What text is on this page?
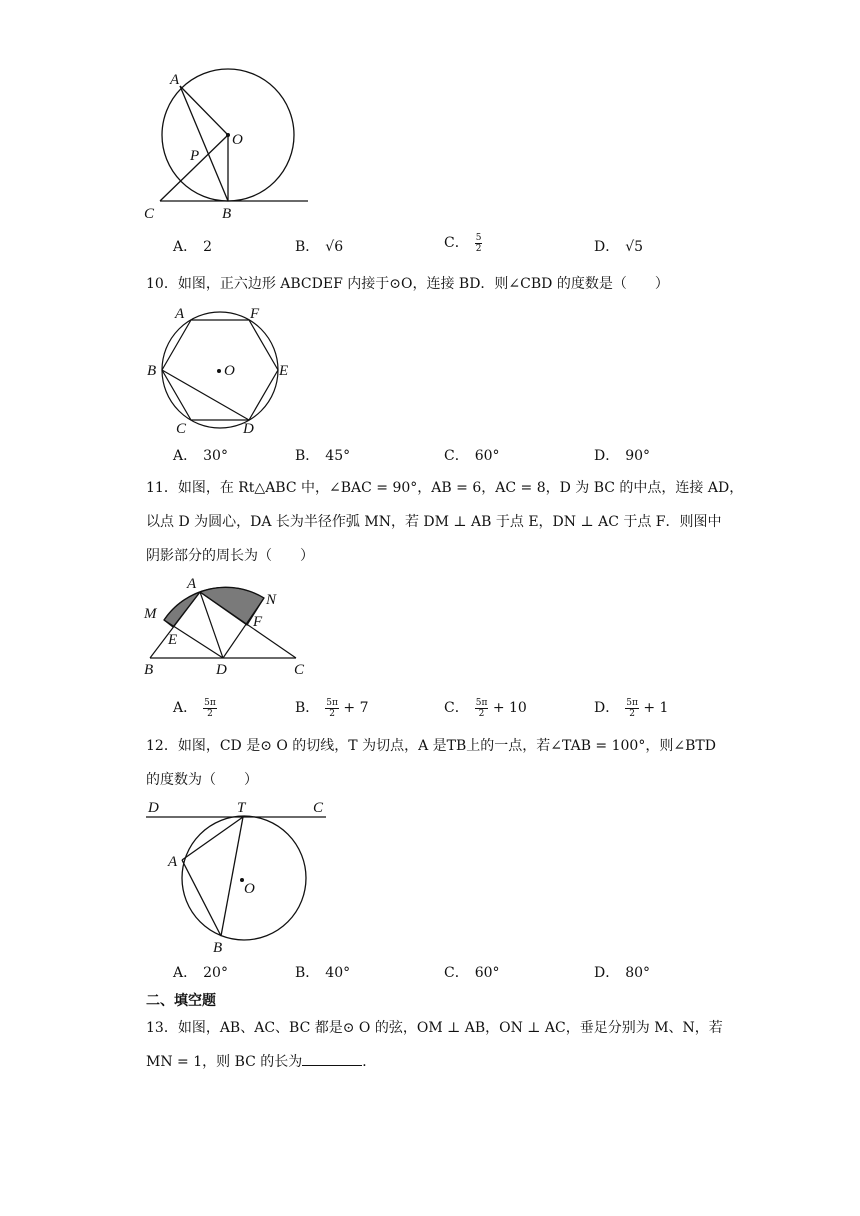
A
O
P
C	B
A． 2	B． √6	C． $\frac{5}{2}$	D． √5
10．如图，正六边形 ABCDEF 内接于⊙O，连接 BD．则∠CBD 的度数是（　　）
A	F
B	O	E
C	D
A． 30°	B． 45°	C． 60°	D． 90°
11．如图，在 Rt△ABC 中，∠BAC = 90°，AB = 6，AC = 8，D 为 BC 的中点，连接 AD，
以点 D 为圆心，DA 长为半径作弧 MN，若 DM ⊥ AB 于点 E，DN ⊥ AC 于点 F．则图中
阴影部分的周长为（　　）
A
M
N
E
F
B	D	C
A． $\frac{5\pi}{2}$	B． $\frac{5\pi}{2} + 7$	C． $\frac{5\pi}{2} + 10$	D． $\frac{5\pi}{2} + 1$
12．如图，CD 是⊙ O 的切线，T 为切点，A 是TB上的一点，若∠TAB = 100°，则∠BTD
的度数为（　　）
D	T	C
A
O
B
A． 20°	B． 40°	C． 60°	D． 80°
二、填空题
13．如图，AB、AC、BC 都是⊙ O 的弦，OM ⊥ AB，ON ⊥ AC，垂足分别为 M、N，若
MN = 1，则 BC 的长为	．
